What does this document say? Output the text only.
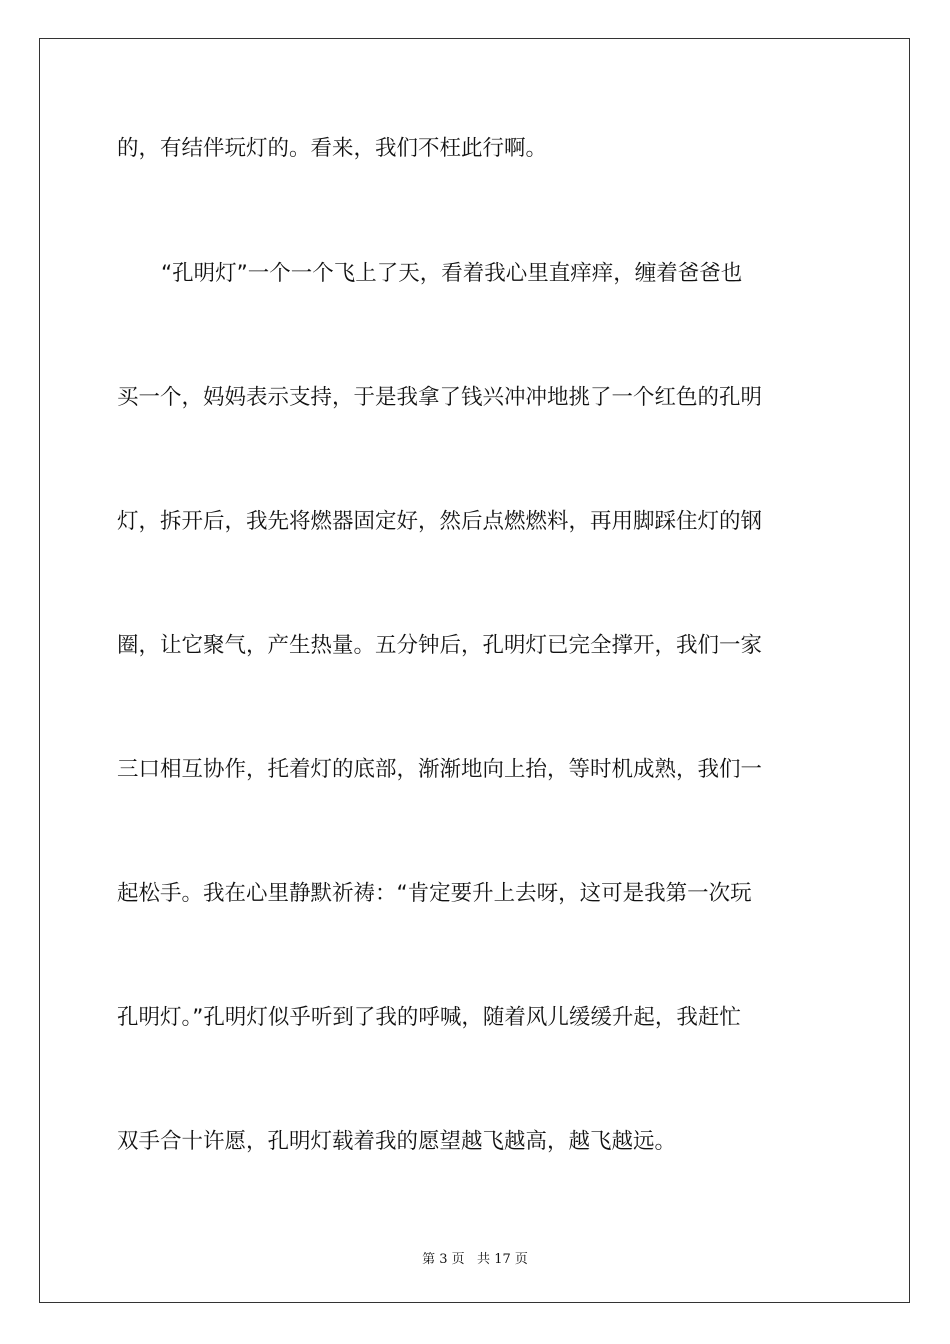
的，有结伴玩灯的。看来，我们不枉此行啊。
“孔明灯”一个一个飞上了天，看着我心里直痒痒，缠着爸爸也
买一个，妈妈表示支持，于是我拿了钱兴冲冲地挑了一个红色的孔明
灯，拆开后，我先将燃器固定好，然后点燃燃料，再用脚踩住灯的钢
圈，让它聚气，产生热量。五分钟后，孔明灯已完全撑开，我们一家
三口相互协作，托着灯的底部，渐渐地向上抬，等时机成熟，我们一
起松手。我在心里静默祈祷：“肯定要升上去呀，这可是我第一次玩
孔明灯。”孔明灯似乎听到了我的呼喊，随着风儿缓缓升起，我赶忙
双手合十许愿，孔明灯载着我的愿望越飞越高，越飞越远。
第 3 页   共 17 页
